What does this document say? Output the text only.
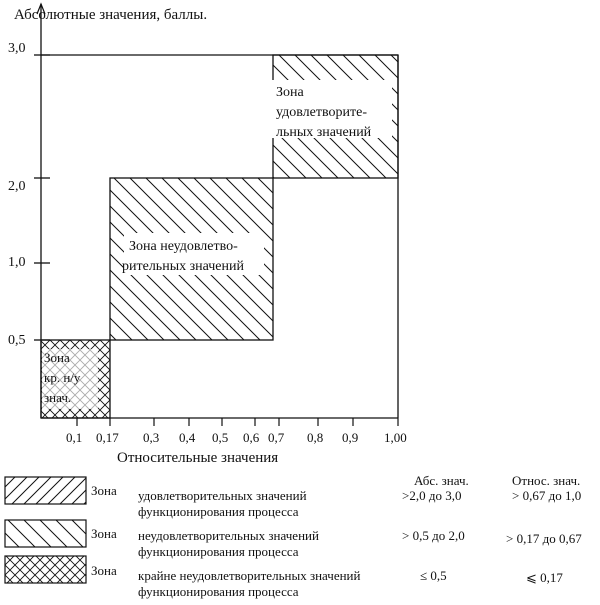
Абсолютные значения, баллы.
3,0
2,0
1,0
0,5
Зона удовлетворите- льных значений
Зона неудовлетво- рительных значений
Зона кр. н/у знач.
0,1 0,17 0,3 0,4 0,5 0,6 0,7 0,8 0,9 1,00
Относительные значения
Абс. знач.	Относ. знач.
Зона удовлетворительных значений
функционирования процесса
>2,0 до 3,0	> 0,67 до 1,0
Зона неудовлетворительных значений
функционирования процесса
> 0,5 до 2,0	> 0,17 до 0,67
Зона крайне неудовлетворительных значений
функционирования процесса
≤ 0,5	⩽ 0,17
